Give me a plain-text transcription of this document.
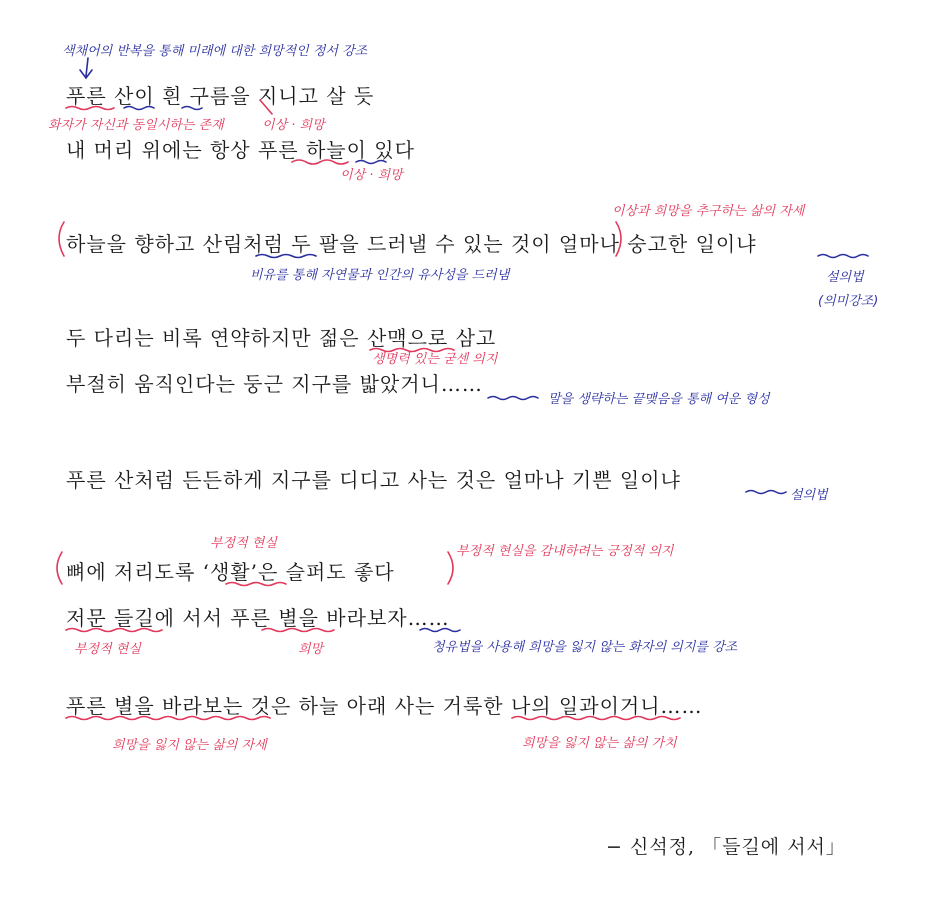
푸른 산이 흰 구름을 지니고 살 듯

내 머리 위에는 항상 푸른 하늘이 있다

하늘을 향하고 산림처럼 두 팔을 드러낼 수 있는 것이 얼마나 숭고한 일이냐

두 다리는 비록 연약하지만 젊은 산맥으로 삼고

부절히 움직인다는 둥근 지구를 밟았거니……

푸른 산처럼 든든하게 지구를 디디고 사는 것은 얼마나 기쁜 일이냐

뼈에 저리도록 ‘생활’은 슬퍼도 좋다

저문 들길에 서서 푸른 별을 바라보자……

푸른 별을 바라보는 것은 하늘 아래 사는 거룩한 나의 일과이거니……

− 신석정, 「들길에 서서」

색채어의 반복을 통해 미래에 대한 희망적인 정서 강조

비유를 통해 자연물과 인간의 유사성을 드러냄	설의법

(의미강조)

말을 생략하는 끝맺음을 통해 여운 형성

설의법

청유법을 사용해 희망을 잃지 않는 화자의 의지를 강조

화자가 자신과 동일시하는 존재	이상 · 희망

이상 · 희망

이상과 희망을 추구하는 삶의 자세

생명력 있는 굳센 의지

부정적 현실

부정적 현실을 감내하려는 긍정적 의지

부정적 현실	희망

희망을 잃지 않는 삶의 자세	희망을 잃지 않는 삶의 가치
